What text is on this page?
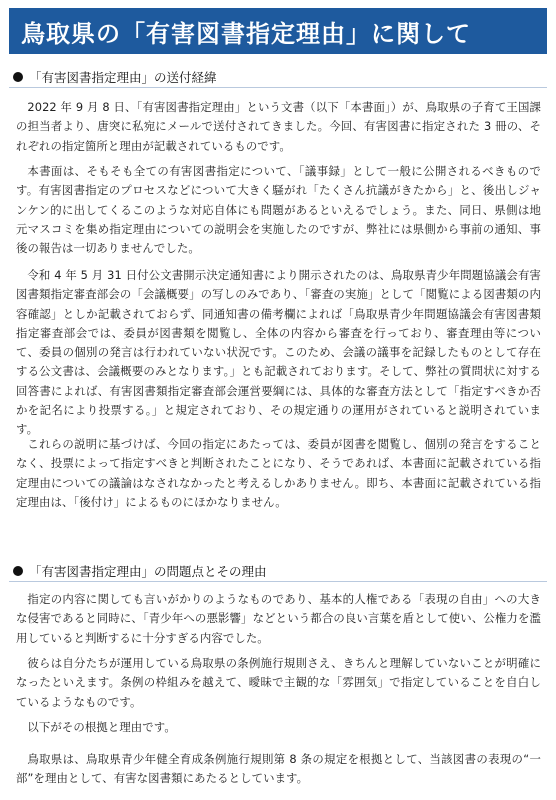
鳥取県の「有害図書指定理由」に関して
「有害図書指定理由」の送付経緯

2022 年 9 月 8 日、「有害図書指定理由」という文書（以下「本書面」）が、鳥取県の子育て王国課の担当者より、唐突に私宛にメールで送付されてきました。今回、有害図書に指定された 3 冊の、それぞれの指定箇所と理由が記載されているものです。

本書面は、そもそも全ての有害図書指定について、「議事録」として一般に公開されるべきものです。有害図書指定のプロセスなどについて大きく騒がれ「たくさん抗議がきたから」と、後出しジャンケン的に出してくるこのような対応自体にも問題があるといえるでしょう。また、同日、県側は地元マスコミを集め指定理由についての説明会を実施したのですが、弊社には県側から事前の通知、事後の報告は一切ありませんでした。

令和 4 年 5 月 31 日付公文書開示決定通知書により開示されたのは、鳥取県青少年問題協議会有害図書類指定審査部会の「会議概要」の写しのみであり、「審査の実施」として「閲覧による図書類の内容確認」としか記載されておらず、同通知書の備考欄によれば「鳥取県青少年問題協議会有害図書類指定審査部会では、委員が図書類を閲覧し、全体の内容から審査を行っており、審査理由等について、委員の個別の発言は行われていない状況です。このため、会議の議事を記録したものとして存在する公文書は、会議概要のみとなります。」とも記載されております。そして、弊社の質問状に対する回答書によれば、有害図書類指定審査部会運営要綱には、具体的な審査方法として「指定すべきか否かを記名により投票する。」と規定されており、その規定通りの運用がされていると説明されています。

これらの説明に基づけば、今回の指定にあたっては、委員が図書を閲覧し、個別の発言をすることなく、投票によって指定すべきと判断されたことになり、そうであれば、本書面に記載されている指定理由についての議論はなされなかったと考えるしかありません。即ち、本書面に記載されている指定理由は、「後付け」によるものにほかなりません。

「有害図書指定理由」の問題点とその理由

指定の内容に関しても言いがかりのようなものであり、基本的人権である「表現の自由」への大きな侵害であると同時に、「青少年への悪影響」などという都合の良い言葉を盾として使い、公権力を濫用していると判断するに十分すぎる内容でした。

彼らは自分たちが運用している鳥取県の条例施行規則さえ、きちんと理解していないことが明確になったといえます。条例の枠組みを越えて、曖昧で主観的な「雰囲気」で指定していることを自白しているようなものです。

以下がその根拠と理由です。

鳥取県は、鳥取県青少年健全育成条例施行規則第 8 条の規定を根拠として、当該図書の表現の“一部”を理由として、有害な図書類にあたるとしています。
